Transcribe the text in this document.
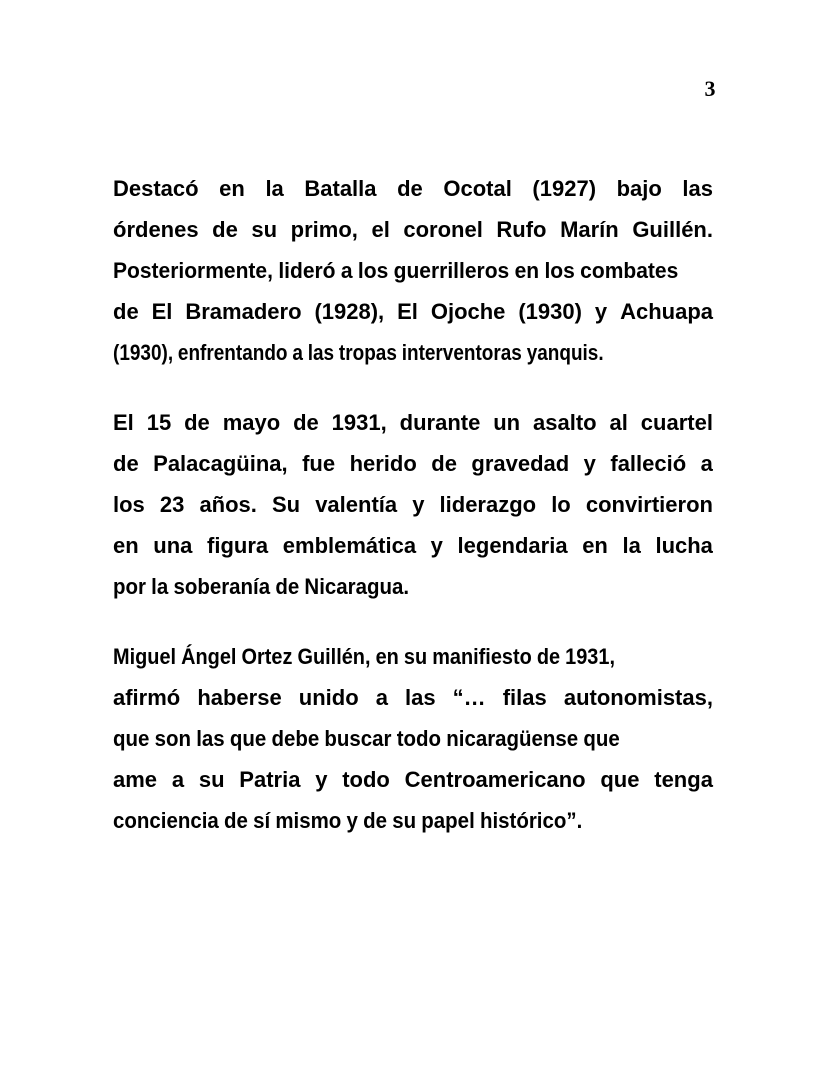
3

Destacó en la Batalla de Ocotal (1927) bajo las
órdenes de su primo, el coronel Rufo Marín Guillén.
Posteriormente, lideró a los guerrilleros en los combates
de El Bramadero (1928), El Ojoche (1930) y Achuapa
(1930), enfrentando a las tropas interventoras yanquis.

El 15 de mayo de 1931, durante un asalto al cuartel
de Palacagüina, fue herido de gravedad y falleció a
los 23 años. Su valentía y liderazgo lo convirtieron
en una figura emblemática y legendaria en la lucha
por la soberanía de Nicaragua.

Miguel Ángel Ortez Guillén, en su manifiesto de 1931,
afirmó haberse unido a las “… filas autonomistas,
que son las que debe buscar todo nicaragüense que
ame a su Patria y todo Centroamericano que tenga
conciencia de sí mismo y de su papel histórico”.
